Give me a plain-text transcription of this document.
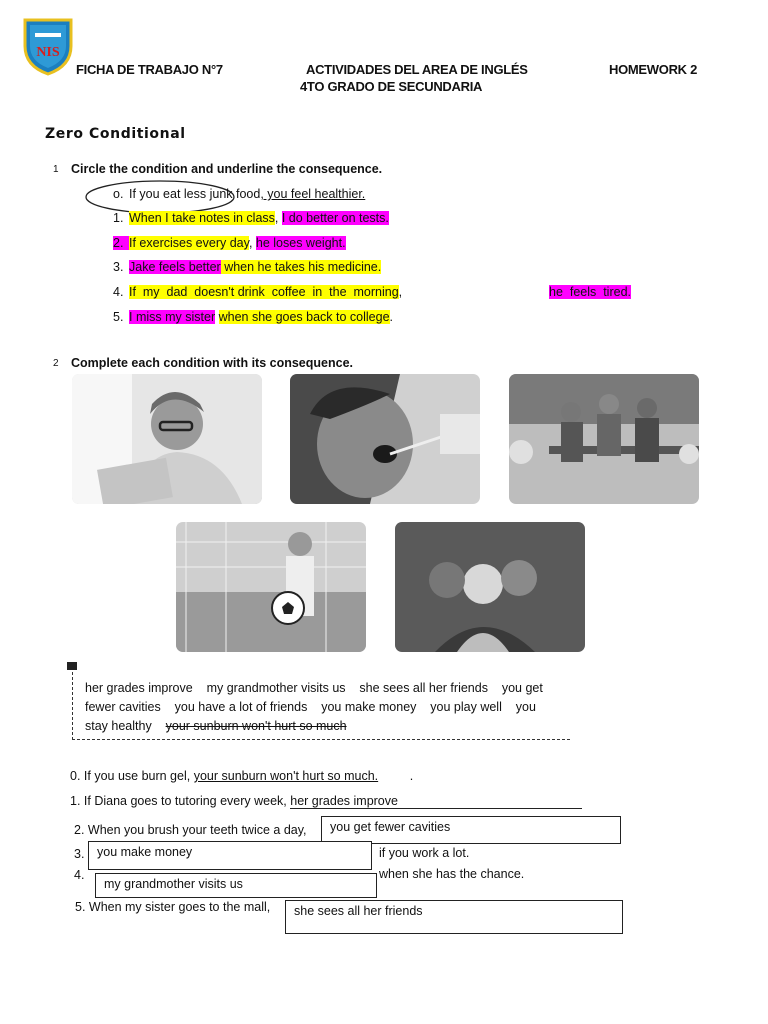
NIS
FICHA DE TRABAJO N°7	ACTIVIDADES DEL AREA DE INGLÉS
4TO GRADO DE SECUNDARIA
HOMEWORK 2
Zero Conditional
1 Circle the condition and underline the consequence.
o. If you eat less junk food, you feel healthier.
1. When I take notes in class, I do better on tests.
2. If exercises every day, he loses weight.
3. Jake feels better when he takes his medicine.
4. If  my  dad  doesn't drink  coffee  in  the  morning,	he  feels  tired.
5. I miss my sister when she goes back to college.
2 Complete each condition with its consequence.
her grades improve    my grandmother visits us    she sees all her friends    you get
fewer cavities    you have a lot of friends    you make money    you play well    you
stay healthy your sunburn won't hurt so much
0. If you use burn gel, your sunburn won't hurt so much.	.
1. If Diana goes to tutoring every week, her grades improve
2. When you brush your teeth twice a day,	you get fewer cavities
3.	you make money	if you work a lot.
4.
my grandmother visits us
when she has the chance.
5. When my sister goes to the mall,	she sees all her friends
